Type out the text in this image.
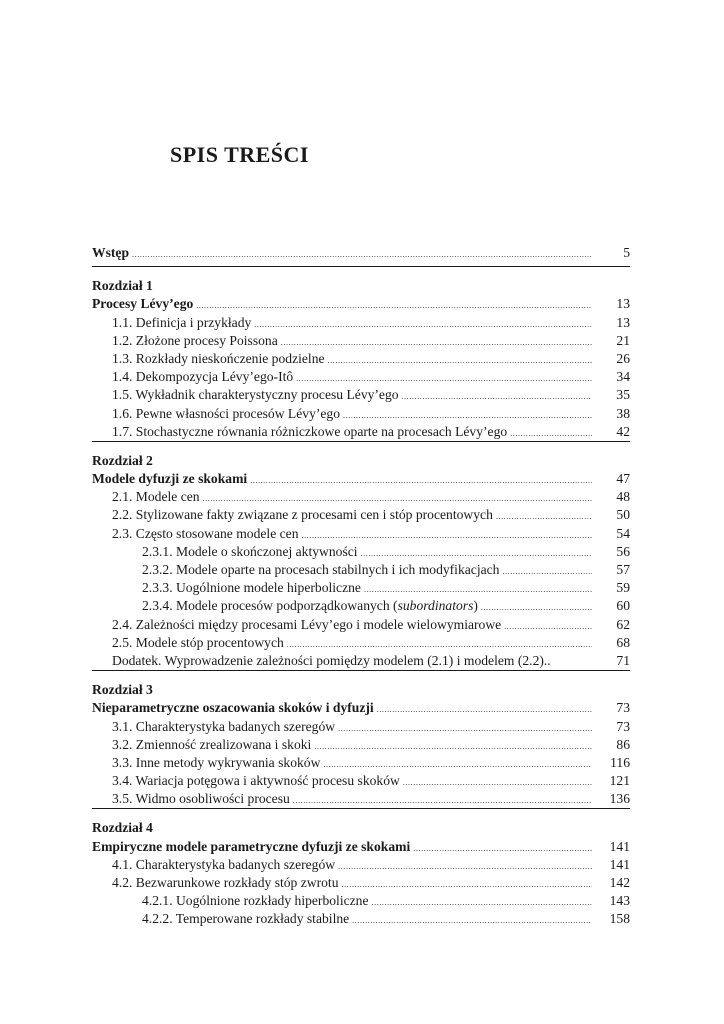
SPIS TREŚCI
Wstęp .....	5
Rozdział 1
Procesy Lévy’ego .....	13
1.1. Definicja i przykłady .....	13
1.2. Złożone procesy Poissona .....	21
1.3. Rozkłady nieskończenie podzielne .....	26
1.4. Dekompozycja Lévy’ego-Itô .....	34
1.5. Wykładnik charakterystyczny procesu Lévy’ego .....	35
1.6. Pewne własności procesów Lévy’ego .....	38
1.7. Stochastyczne równania różniczkowe oparte na procesach Lévy’ego .....	42
Rozdział 2
Modele dyfuzji ze skokami .....	47
2.1. Modele cen .....	48
2.2. Stylizowane fakty związane z procesami cen i stóp procentowych .....	50
2.3. Często stosowane modele cen .....	54
2.3.1. Modele o skończonej aktywności .....	56
2.3.2. Modele oparte na procesach stabilnych i ich modyfikacjach .....	57
2.3.3. Uogólnione modele hiperboliczne .....	59
2.3.4. Modele procesów podporządkowanych (subordinators) .....	60
2.4. Zależności między procesami Lévy’ego i modele wielowymiarowe .....	62
2.5. Modele stóp procentowych .....	68
Dodatek. Wyprowadzenie zależności pomiędzy modelem (2.1) i modelem (2.2)..	71
Rozdział 3
Nieparametryczne oszacowania skoków i dyfuzji .....	73
3.1. Charakterystyka badanych szeregów .....	73
3.2. Zmienność zrealizowana i skoki .....	86
3.3. Inne metody wykrywania skoków .....	116
3.4. Wariacja potęgowa i aktywność procesu skoków .....	121
3.5. Widmo osobliwości procesu .....	136
Rozdział 4
Empiryczne modele parametryczne dyfuzji ze skokami .....	141
4.1. Charakterystyka badanych szeregów .....	141
4.2. Bezwarunkowe rozkłady stóp zwrotu .....	142
4.2.1. Uogólnione rozkłady hiperboliczne .....	143
4.2.2. Temperowane rozkłady stabilne .....	158
